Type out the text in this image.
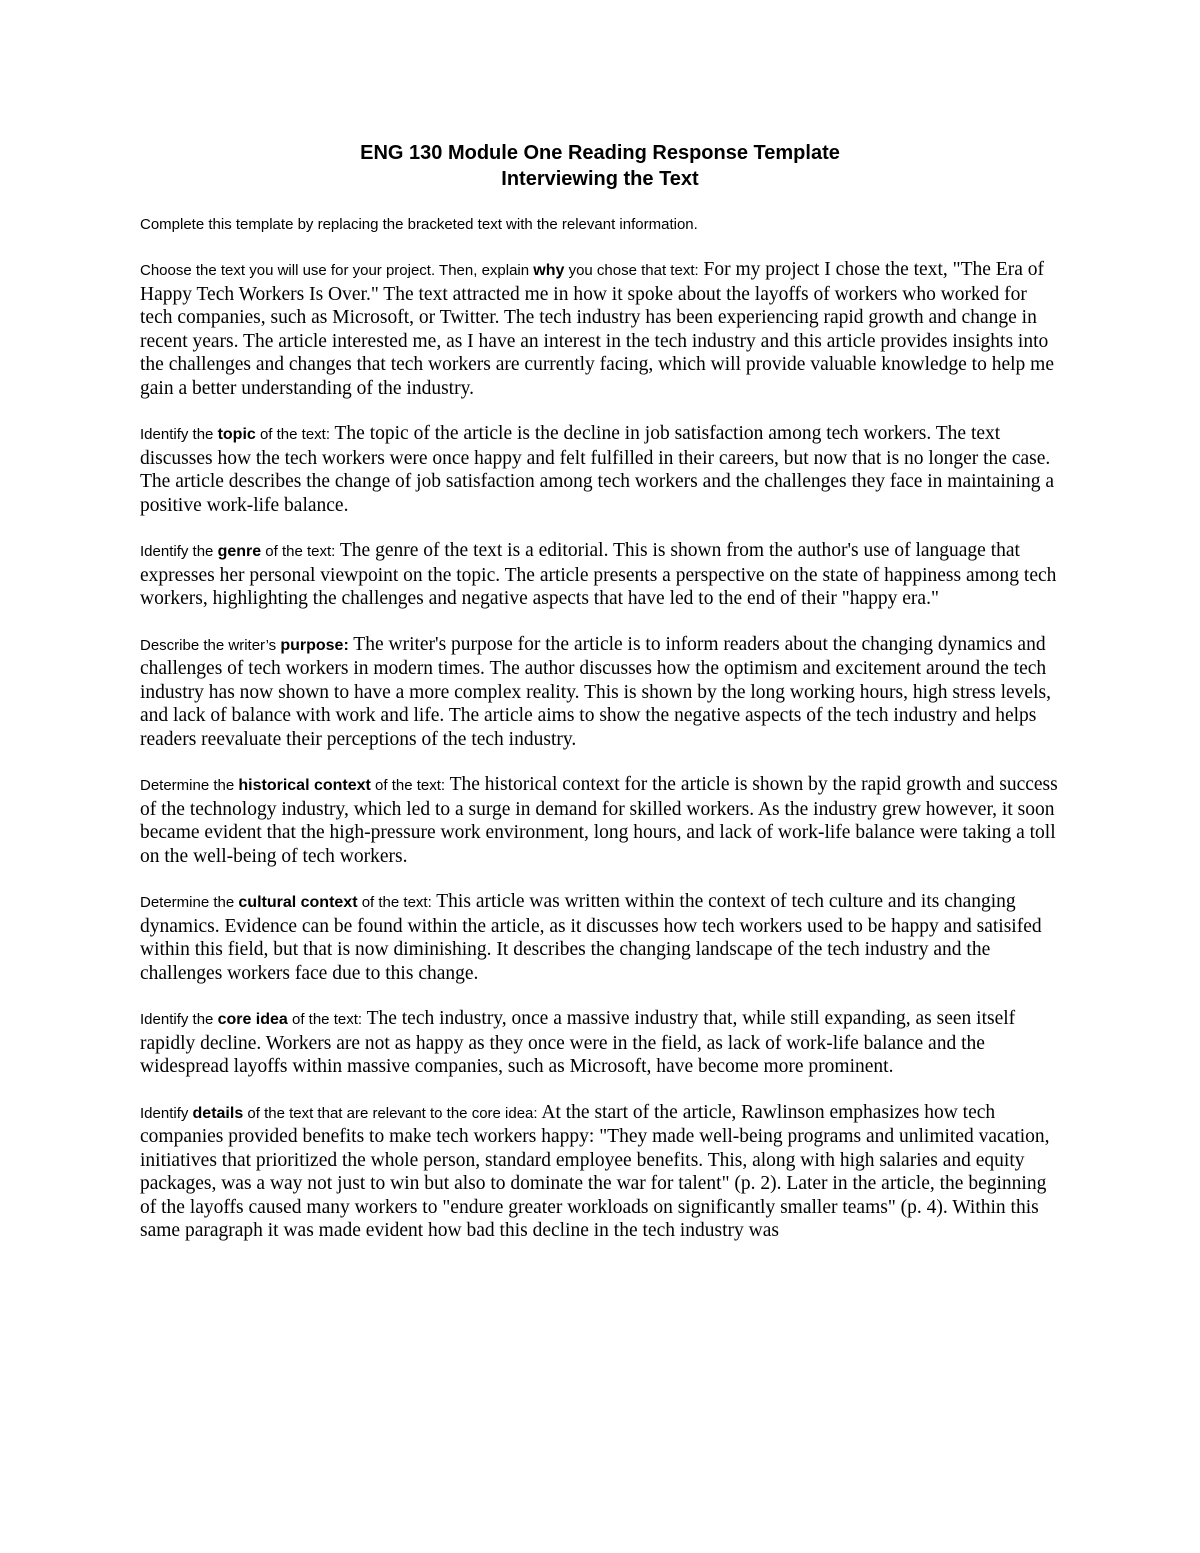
ENG 130 Module One Reading Response Template
Interviewing the Text

Complete this template by replacing the bracketed text with the relevant information.

Choose the text you will use for your project. Then, explain why you chose that text: For my project I chose the text, "The Era of Happy Tech Workers Is Over." The text attracted me in how it spoke about the layoffs of workers who worked for tech companies, such as Microsoft, or Twitter. The tech industry has been experiencing rapid growth and change in recent years. The article interested me, as I have an interest in the tech industry and this article provides insights into the challenges and changes that tech workers are currently facing, which will provide valuable knowledge to help me gain a better understanding of the industry.

Identify the topic of the text: The topic of the article is the decline in job satisfaction among tech workers. The text discusses how the tech workers were once happy and felt fulfilled in their careers, but now that is no longer the case. The article describes the change of job satisfaction among tech workers and the challenges they face in maintaining a positive work-life balance.

Identify the genre of the text: The genre of the text is a editorial. This is shown from the author's use of language that expresses her personal viewpoint on the topic. The article presents a perspective on the state of happiness among tech workers, highlighting the challenges and negative aspects that have led to the end of their "happy era."

Describe the writer’s purpose: The writer's purpose for the article is to inform readers about the changing dynamics and challenges of tech workers in modern times. The author discusses how the optimism and excitement around the tech industry has now shown to have a more complex reality. This is shown by the long working hours, high stress levels, and lack of balance with work and life. The article aims to show the negative aspects of the tech industry and helps readers reevaluate their perceptions of the tech industry.

Determine the historical context of the text: The historical context for the article is shown by the rapid growth and success of the technology industry, which led to a surge in demand for skilled workers. As the industry grew however, it soon became evident that the high-pressure work environment, long hours, and lack of work-life balance were taking a toll on the well-being of tech workers.

Determine the cultural context of the text: This article was written within the context of tech culture and its changing dynamics. Evidence can be found within the article, as it discusses how tech workers used to be happy and satisifed within this field, but that is now diminishing. It describes the changing landscape of the tech industry and the challenges workers face due to this change.

Identify the core idea of the text: The tech industry, once a massive industry that, while still expanding, as seen itself rapidly decline. Workers are not as happy as they once were in the field, as lack of work-life balance and the widespread layoffs within massive companies, such as Microsoft, have become more prominent.

Identify details of the text that are relevant to the core idea: At the start of the article, Rawlinson emphasizes how tech companies provided benefits to make tech workers happy: "They made well-being programs and unlimited vacation, initiatives that prioritized the whole person, standard employee benefits. This, along with high salaries and equity packages, was a way not just to win but also to dominate the war for talent" (p. 2). Later in the article, the beginning of the layoffs caused many workers to "endure greater workloads on significantly smaller teams" (p. 4). Within this same paragraph it was made evident how bad this decline in the tech industry was
